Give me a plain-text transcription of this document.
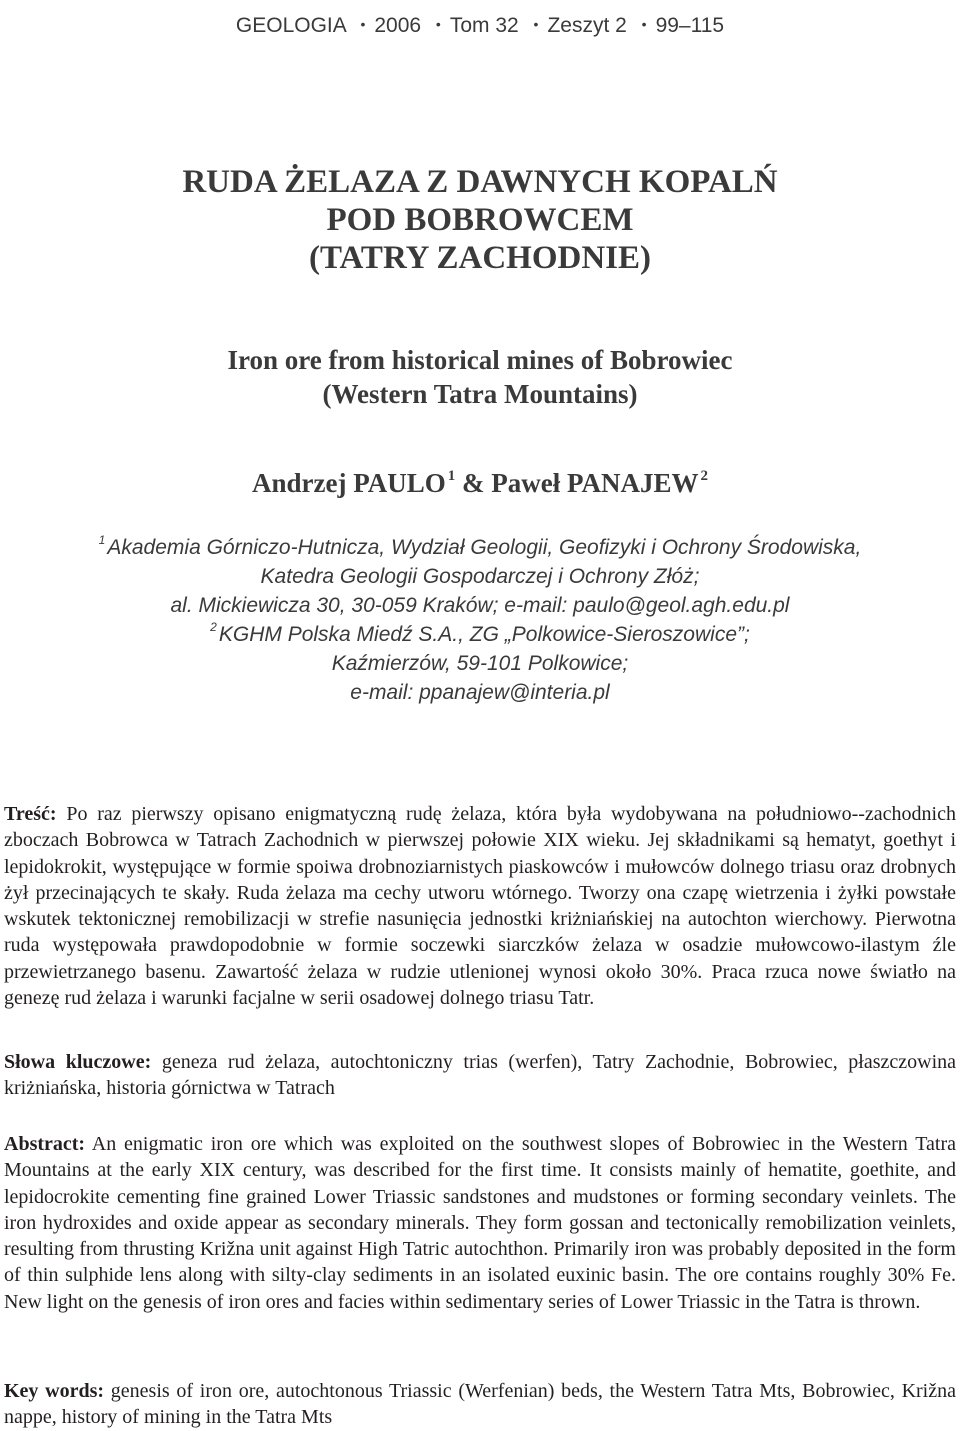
GEOLOGIA • 2006 • Tom 32 • Zeszyt 2 • 99–115
RUDA ŻELAZA Z DAWNYCH KOPALŃ
POD BOBROWCEM
(TATRY ZACHODNIE)
Iron ore from historical mines of Bobrowiec
(Western Tatra Mountains)
Andrzej PAULO $^1$ & Paweł PANAJEW $^2$
$^1$Akademia Górniczo-Hutnicza, Wydział Geologii, Geofizyki i Ochrony Środowiska,
Katedra Geologii Gospodarczej i Ochrony Złóż;
al. Mickiewicza 30, 30-059 Kraków; e-mail: paulo@geol.agh.edu.pl
$^2$KGHM Polska Miedź S.A., ZG „Polkowice-Sieroszowice”;
Kaźmierzów, 59-101 Polkowice;
e-mail: ppanajew@interia.pl
Treść: Po raz pierwszy opisano enigmatyczną rudę żelaza, która była wydobywana na południowo--zachodnich zboczach Bobrowca w Tatrach Zachodnich w pierwszej połowie XIX wieku. Jej składnikami są hematyt, goethyt i lepidokrokit, występujące w formie spoiwa drobnoziarnistych piaskowców i mułowców dolnego triasu oraz drobnych żył przecinających te skały. Ruda żelaza ma cechy utworu wtórnego. Tworzy ona czapę wietrzenia i żyłki powstałe wskutek tektonicznej remobilizacji w strefie nasunięcia jednostki kriżniańskiej na autochton wierchowy. Pierwotna ruda występowała prawdopodobnie w formie soczewki siarczków żelaza w osadzie mułowcowo-ilastym źle przewietrzanego basenu. Zawartość żelaza w rudzie utlenionej wynosi około 30%. Praca rzuca nowe światło na genezę rud żelaza i warunki facjalne w serii osadowej dolnego triasu Tatr.
Słowa kluczowe: geneza rud żelaza, autochtoniczny trias (werfen), Tatry Zachodnie, Bobrowiec, płaszczowina kriżniańska, historia górnictwa w Tatrach
Abstract: An enigmatic iron ore which was exploited on the southwest slopes of Bobrowiec in the Western Tatra Mountains at the early XIX century, was described for the first time. It consists mainly of hematite, goethite, and lepidocrokite cementing fine grained Lower Triassic sandstones and mudstones or forming secondary veinlets. The iron hydroxides and oxide appear as secondary minerals. They form gossan and tectonically remobilization veinlets, resulting from thrusting Križna unit against High Tatric autochthon. Primarily iron was probably deposited in the form of thin sulphide lens along with silty-clay sediments in an isolated euxinic basin. The ore contains roughly 30% Fe. New light on the genesis of iron ores and facies within sedimentary series of Lower Triassic in the Tatra is thrown.
Key words: genesis of iron ore, autochtonous Triassic (Werfenian) beds, the Western Tatra Mts, Bobrowiec, Križna nappe, history of mining in the Tatra Mts
